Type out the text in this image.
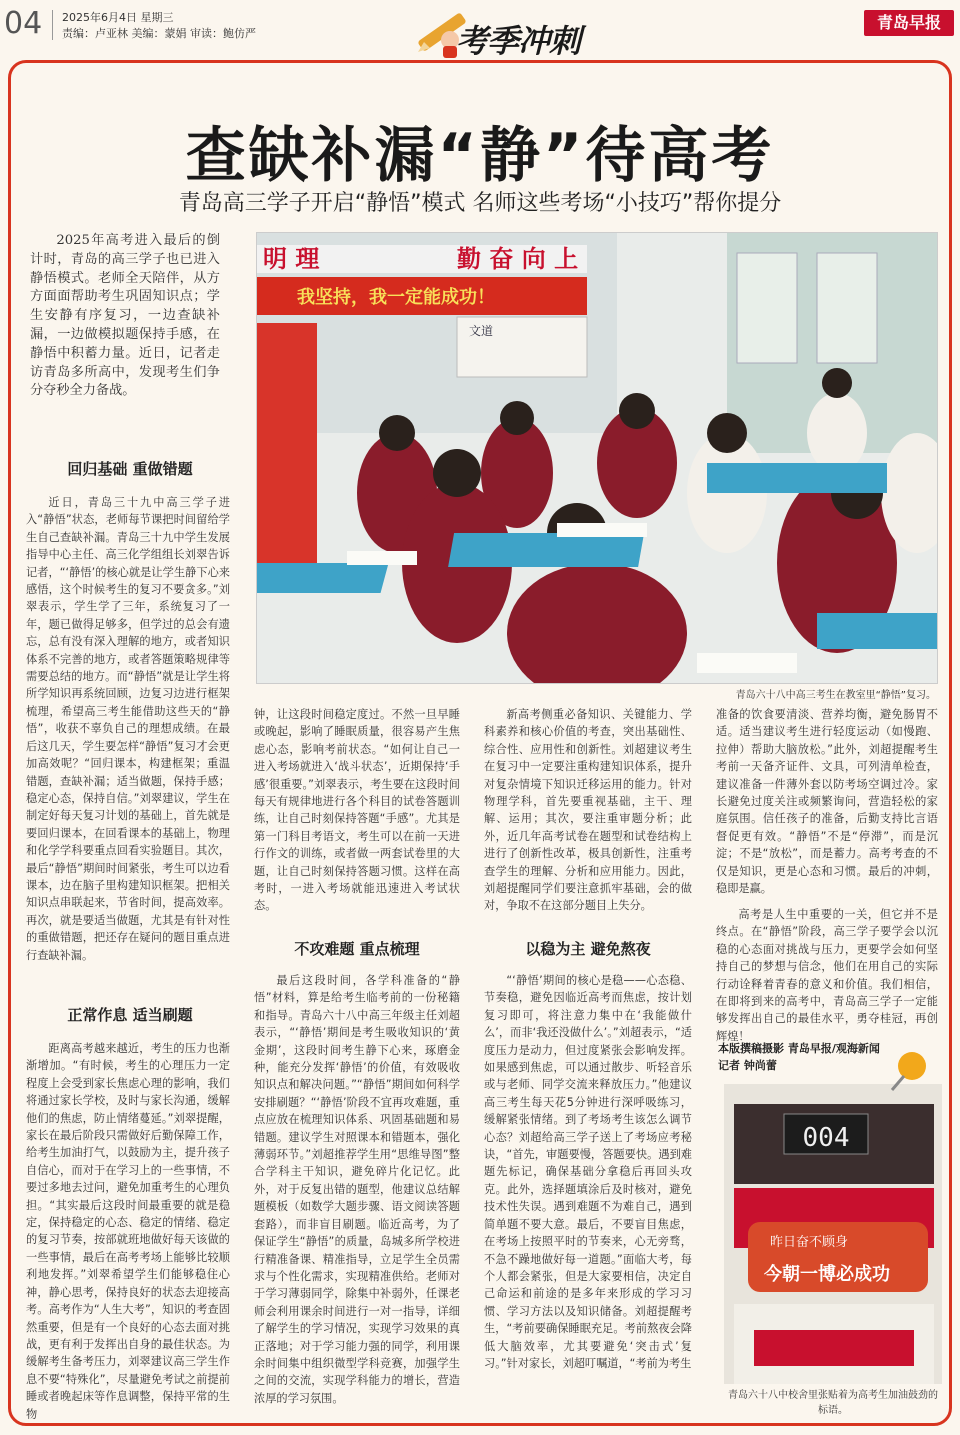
04 2025年6月4日 星期三
责编：卢亚林 美编：蒙娟 审读：鲍仿严	考季冲刺	青岛早报
查缺补漏“静”待高考
青岛高三学子开启“静悟”模式 名师这些考场“小技巧”帮你提分
2025年高考进入最后的倒计时，青岛的高三学子也已进入静悟模式。老师全天陪伴，从方方面面帮助考生巩固知识点；学生安静有序复习，一边查缺补漏，一边做模拟题保持手感，在静悟中积蓄力量。近日，记者走访青岛多所高中，发现考生们争分夺秒全力备战。
明 理	勤 奋 向 上
我坚持，我一定能成功！
文道
青岛六十八中高三考生在教室里“静悟”复习。
回归基础 重做错题

近日，青岛三十九中高三学子进入“静悟”状态，老师每节课把时间留给学生自己查缺补漏。青岛三十九中学生发展指导中心主任、高三化学组组长刘翠告诉记者，“‘静悟’的核心就是让学生静下心来感悟，这个时候考生的复习不要贪多。”刘翠表示，学生学了三年，系统复习了一年，题已做得足够多，但学过的总会有遗忘，总有没有深入理解的地方，或者知识体系不完善的地方，或者答题策略规律等需要总结的地方。而“静悟”就是让学生将所学知识再系统回顾，边复习边进行框架梳理，希望高三考生能借助这些天的“静悟”，收获不辜负自己的理想成绩。在最后这几天，学生要怎样“静悟”复习才会更加高效呢？“回归课本，构建框架；重温错题，查缺补漏；适当做题，保持手感；稳定心态，保持自信。”刘翠建议，学生在制定好每天复习计划的基础上，首先就是要回归课本，在回看课本的基础上，物理和化学学科要重点回看实验题目。其次，最后“静悟”期间时间紧张，考生可以边看课本，边在脑子里构建知识框架。把相关知识点串联起来，节省时间，提高效率。再次，就是要适当做题，尤其是有针对性的重做错题，把还存在疑问的题目重点进行查缺补漏。

正常作息 适当刷题

距离高考越来越近，考生的压力也渐渐增加。“有时候，考生的心理压力一定程度上会受到家长焦虑心理的影响，我们将通过家长学校，及时与家长沟通，缓解他们的焦虑，防止情绪蔓延。”刘翠提醒，家长在最后阶段只需做好后勤保障工作，给考生加油打气，以鼓励为主，提升孩子自信心，而对于在学习上的一些事情，不要过多地去过问，避免加重考生的心理负担。“其实最后这段时间最重要的就是稳定，保持稳定的心态、稳定的情绪、稳定的复习节奏，按部就班地做好每天该做的一些事情，最后在高考考场上能够比较顺利地发挥。”刘翠希望学生们能够稳住心神，静心思考，保持良好的状态去迎接高考。高考作为“人生大考”，知识的考查固然重要，但是有一个良好的心态去面对挑战，更有利于发挥出自身的最佳状态。为缓解考生备考压力，刘翠建议高三学生作息不要“特殊化”，尽量避免考试之前提前睡或者晚起床等作息调整，保持平常的生物

钟，让这段时间稳定度过。不然一旦早睡或晚起，影响了睡眠质量，很容易产生焦虑心态，影响考前状态。“如何让自己一进入考场就进入‘战斗状态’，近期保持‘手感’很重要。”刘翠表示，考生要在这段时间每天有规律地进行各个科目的试卷答题训练，让自己时刻保持答题“手感”。尤其是第一门科目考语文，考生可以在前一天进行作文的训练，或者做一两套试卷里的大题，让自己时刻保持答题习惯。这样在高考时，一进入考场就能迅速进入考试状态。

不攻难题 重点梳理

最后这段时间，各学科准备的“静悟”材料，算是给考生临考前的一份秘籍和指导。青岛六十八中高三年级主任刘超表示，“‘静悟’期间是考生吸收知识的‘黄金期’，这段时间考生静下心来，琢磨金种，能充分发挥‘静悟’的价值，有效吸收知识点和解决问题。”“静悟”期间如何科学安排刷题？“‘静悟’阶段不宜再攻难题，重点应放在梳理知识体系、巩固基础题和易错题。建议学生对照课本和错题本，强化薄弱环节。”刘超推荐学生用“思维导图”整合学科主干知识，避免碎片化记忆。此外，对于反复出错的题型，他建议总结解题模板（如数学大题步骤、语文阅读答题套路），而非盲目刷题。临近高考，为了保证学生“静悟”的质量，岛城多所学校进行精准备课、精准指导，立足学生全员需求与个性化需求，实现精准供给。老师对于学习薄弱同学，除集中补弱外，任课老师会利用课余时间进行一对一指导，详细了解学生的学习情况，实现学习效果的真正落地；对于学习能力强的同学，利用课余时间集中组织微型学科竞赛，加强学生之间的交流，实现学科能力的增长，营造浓厚的学习氛围。

新高考侧重必备知识、关键能力、学科素养和核心价值的考查，突出基础性、综合性、应用性和创新性。刘超建议考生在复习中一定要注重构建知识体系，提升对复杂情境下知识迁移运用的能力。针对物理学科，首先要重视基础，主干、理解、运用；其次，要注重审题分析；此外，近几年高考试卷在题型和试卷结构上进行了创新性改革，极具创新性，注重考查学生的理解、分析和应用能力。因此，刘超提醒同学们要注意抓牢基础，会的做对，争取不在这部分题目上失分。

以稳为主 避免熬夜

“‘静悟’期间的核心是稳——心态稳、节奏稳，避免因临近高考而焦虑，按计划复习即可，将注意力集中在‘我能做什么’，而非‘我还没做什么’。”刘超表示，“适度压力是动力，但过度紧张会影响发挥。如果感到焦虑，可以通过散步、听轻音乐或与老师、同学交流来释放压力。”他建议高三考生每天花5分钟进行深呼吸练习，缓解紧张情绪。到了考场考生该怎么调节心态？刘超给高三学子送上了考场应考秘诀，“首先，审题要慢，答题要快。遇到难题先标记，确保基础分拿稳后再回头攻克。此外，选择题填涂后及时核对，避免技术性失误。遇到难题不为难自己，遇到简单题不要大意。最后，不要盲目焦虑，在考场上按照平时的节奏来，心无旁骛，不急不躁地做好每一道题。”面临大考，每个人都会紧张，但是大家要相信，决定自己命运和前途的是多年来形成的学习习惯、学习方法以及知识储备。刘超提醒考生，“考前要确保睡眠充足。考前熬夜会降低大脑效率，尤其要避免‘突击式’复习。”针对家长，刘超叮嘱道，“考前为考生

准备的饮食要清淡、营养均衡，避免肠胃不适。适当建议考生进行轻度运动（如慢跑、拉伸）帮助大脑放松。”此外，刘超提醒考生考前一天备齐证件、文具，可列清单检查，建议准备一件薄外套以防考场空调过冷。家长避免过度关注或频繁询问，营造轻松的家庭氛围。信任孩子的准备，后勤支持比言语督促更有效。“静悟”不是“停滞”，而是沉淀；不是“放松”，而是蓄力。高考考查的不仅是知识，更是心态和习惯。最后的冲刺，稳即是赢。

高考是人生中重要的一关，但它并不是终点。在“静悟”阶段，高三学子要学会以沉稳的心态面对挑战与压力，更要学会如何坚持自己的梦想与信念，他们在用自己的实际行动诠释着青春的意义和价值。我们相信，在即将到来的高考中，青岛高三学子一定能够发挥出自己的最佳水平，勇夺桂冠，再创辉煌！

本版撰稿摄影 青岛早报/观海新闻
记者 钟尚蕾
004
昨日奋不顾身
今朝一博必成功
青岛六十八中校舍里张贴着为高考生加油鼓劲的标语。
